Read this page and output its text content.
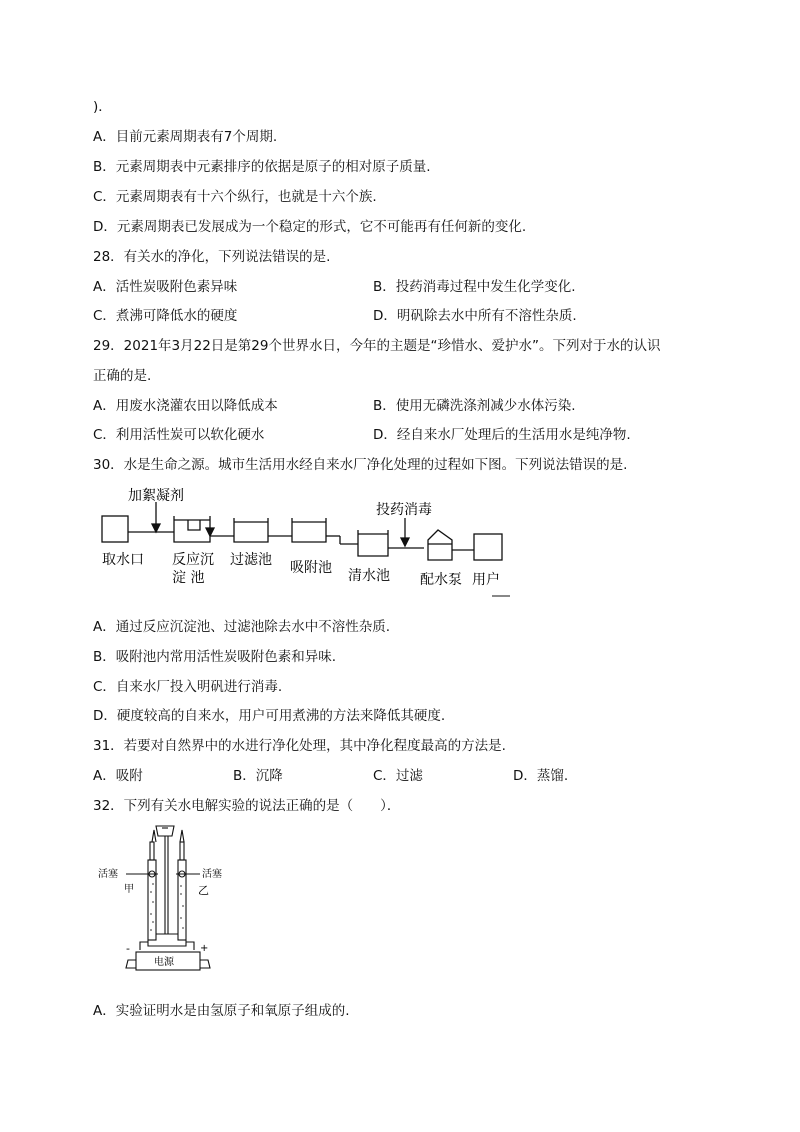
)．
A．目前元素周期表有7个周期.
B．元素周期表中元素排序的依据是原子的相对原子质量.
C．元素周期表有十六个纵行，也就是十六个族.
D．元素周期表已发展成为一个稳定的形式，它不可能再有任何新的变化.
28．有关水的净化，下列说法错误的是.
A．活性炭吸附色素异味	B．投药消毒过程中发生化学变化.
C．煮沸可降低水的硬度	D．明矾除去水中所有不溶性杂质.
29．2021年3月22日是第29个世界水日，今年的主题是“珍惜水、爱护水”。下列对于水的认识
正确的是.
A．用废水浇灌农田以降低成本	B．使用无磷洗涤剂减少水体污染.
C．利用活性炭可以软化硬水	D．经自来水厂处理后的生活用水是纯净物.
30．水是生命之源。城市生活用水经自来水厂净化处理的过程如下图。下列说法错误的是.
加絮凝剂
取水口 反应沉
淀 池
过滤池 吸附池
投药消毒
清水池 配水泵 用户
A．通过反应沉淀池、过滤池除去水中不溶性杂质.
B．吸附池内常用活性炭吸附色素和异味.
C．自来水厂投入明矾进行消毒.
D．硬度较高的自来水，用户可用煮沸的方法来降低其硬度.
31．若要对自然界中的水进行净化处理，其中净化程度最高的方法是.
A．吸附	B．沉降	C．过滤	D．蒸馏.
32．下列有关水电解实验的说法正确的是（　　）．
活塞	活塞
甲	乙
-	+
电源
A．实验证明水是由氢原子和氧原子组成的.
